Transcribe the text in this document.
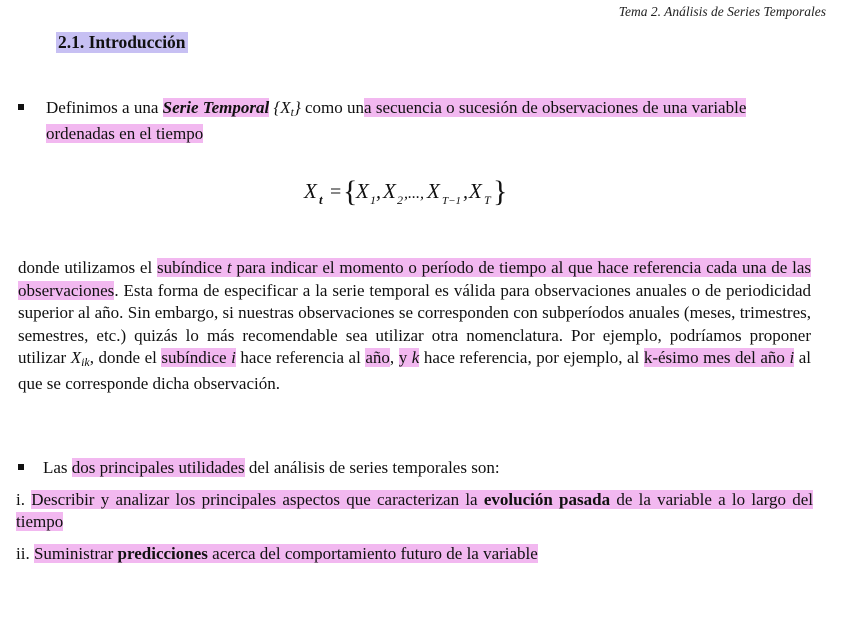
Tema 2. Análisis de Series Temporales
2.1. Introducción
Definimos a una Serie Temporal $\{X_t\}$ como una secuencia o sucesión de observaciones de una variable ordenadas en el tiempo
X t = {
X 1 , X 2 ,..., X T−1 , X T }
donde utilizamos el subíndice t para indicar el momento o período de tiempo al que hace referencia cada una de las observaciones. Esta forma de especificar a la serie temporal es válida para observaciones anuales o de periodicidad superior al año. Sin embargo, si nuestras observaciones se corresponden con subperíodos anuales (meses, trimestres, semestres, etc.) quizás lo más recomendable sea utilizar otra nomenclatura. Por ejemplo, podríamos proponer utilizar $X_{ik}$, donde el subíndice i hace referencia al año, y k hace referencia, por ejemplo, al k-ésimo mes del año i al que se corresponde dicha observación.
Las dos principales utilidades del análisis de series temporales son:
i. Describir y analizar los principales aspectos que caracterizan la evolución pasada de la variable a lo largo del tiempo
ii. Suministrar predicciones acerca del comportamiento futuro de la variable
